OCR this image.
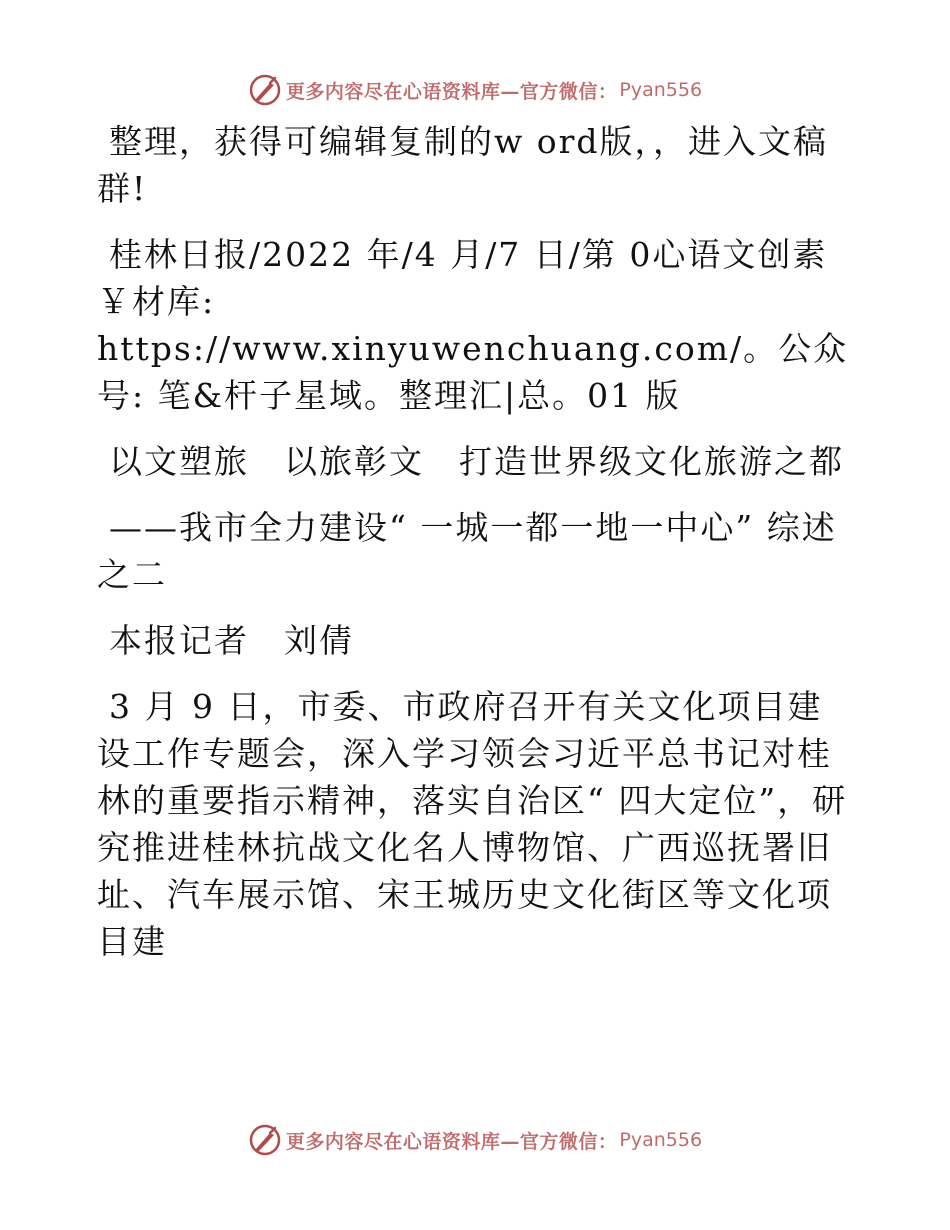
更多内容尽在心语资料库—官方微信： Pyan556

整理，获得可编辑复制的w ord版，，进入文稿群!

桂林日报/2022 年/4 月/7 日/第 0心语文创素￥材库: https://www.xinyuwenchuang.com/。公众号: 笔&杆子星域。整理汇|总。01 版

以文塑旅　以旅彰文　打造世界级文化旅游之都

——我市全力建设“ 一城一都一地一中心” 综述之二

本报记者　刘倩

3 月 9 日，市委、市政府召开有关文化项目建设工作专题会，深入学习领会习近平总书记对桂林的重要指示精神，落实自治区“ 四大定位”，研究推进桂林抗战文化名人博物馆、广西巡抚署旧址、汽车展示馆、宋王城历史文化街区等文化项目建

更多内容尽在心语资料库—官方微信： Pyan556
